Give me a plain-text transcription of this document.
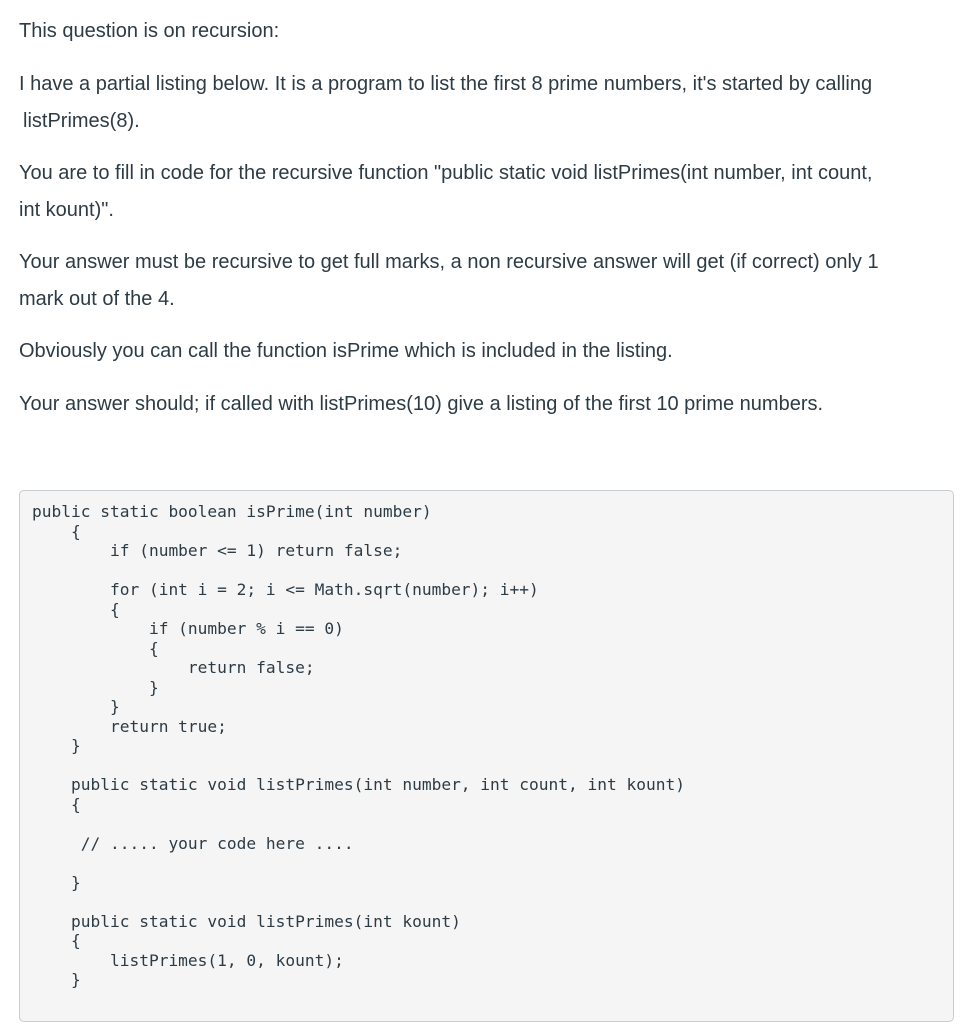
This question is on recursion:

I have a partial listing below. It is a program to list the first 8 prime numbers, it's started by calling

listPrimes(8).

You are to fill in code for the recursive function "public static void listPrimes(int number, int count,

int kount)".

Your answer must be recursive to get full marks, a non recursive answer will get (if correct) only 1

mark out of the 4.

Obviously you can call the function isPrime which is included in the listing.

Your answer should; if called with listPrimes(10) give a listing of the first 10 prime numbers.

public static boolean isPrime(int number)
{
if (number <= 1) return false;

for (int i = 2; i <= Math.sqrt(number); i++)
{
if (number % i == 0)
{
return false;
}
}
return true;
}

public static void listPrimes(int number, int count, int kount)
{

// ..... your code here ....

}

public static void listPrimes(int kount)
{
listPrimes(1, 0, kount);
}
